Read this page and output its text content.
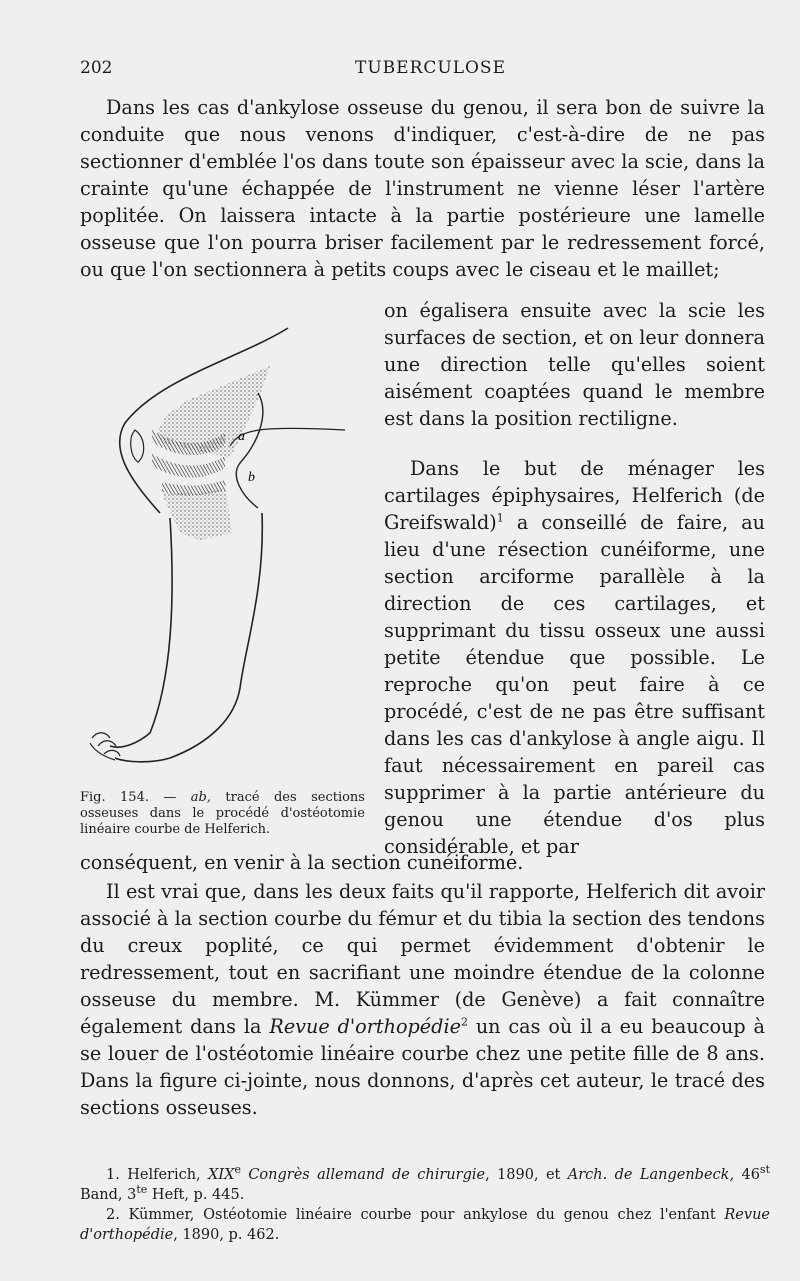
202	TUBERCULOSE

Dans les cas d'ankylose osseuse du genou, il sera bon de suivre la conduite que nous venons d'indiquer, c'est-à-dire de ne pas sectionner d'emblée l'os dans toute son épaisseur avec la scie, dans la crainte qu'une échappée de l'instrument ne vienne léser l'artère poplitée. On laissera intacte à la partie postérieure une lamelle osseuse que l'on pourra briser facilement par le redressement forcé, ou que l'on sectionnera à petits coups avec le ciseau et le maillet;

a
b

Fig. 154. — ab, tracé des sections osseuses dans le procédé d'ostéotomie linéaire courbe de Helferich.

on égalisera ensuite avec la scie les surfaces de section, et on leur donnera une direction telle qu'elles soient aisément coaptées quand le membre est dans la position rectiligne.

Dans le but de ménager les cartilages épiphysaires, Helferich (de Greifswald)$^1$ a conseillé de faire, au lieu d'une résection cunéiforme, une section arciforme parallèle à la direction de ces cartilages, et supprimant du tissu osseux une aussi petite étendue que possible. Le reproche qu'on peut faire à ce procédé, c'est de ne pas être suffisant dans les cas d'ankylose à angle aigu. Il faut nécessairement en pareil cas supprimer à la partie antérieure du genou une étendue d'os plus considérable, et par

conséquent, en venir à la section cunéiforme.

Il est vrai que, dans les deux faits qu'il rapporte, Helferich dit avoir associé à la section courbe du fémur et du tibia la section des tendons du creux poplité, ce qui permet évidemment d'obtenir le redressement, tout en sacrifiant une moindre étendue de la colonne osseuse du membre. M. Kümmer (de Genève) a fait connaître également dans la Revue d'orthopédie$^2$ un cas où il a eu beaucoup à se louer de l'ostéotomie linéaire courbe chez une petite fille de 8 ans. Dans la figure ci-jointe, nous donnons, d'après cet auteur, le tracé des sections osseuses.

1. Helferich, XIXe Congrès allemand de chirurgie, 1890, et Arch. de Langenbeck, 46st Band, $3^{te}$ Heft, p. 445.

2. Kümmer, Ostéotomie linéaire courbe pour ankylose du genou chez l'enfant Revue d'orthopédie, 1890, p. 462.
